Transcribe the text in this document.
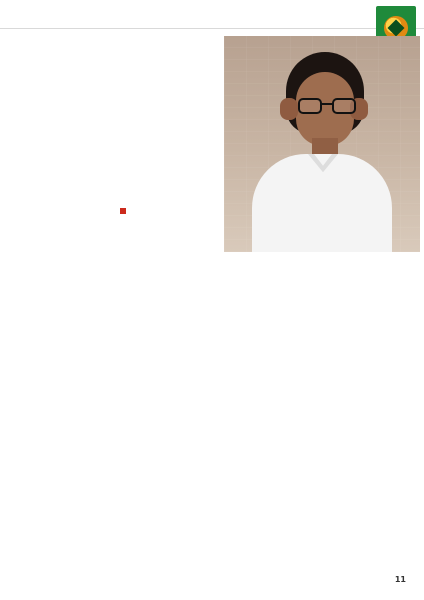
11
